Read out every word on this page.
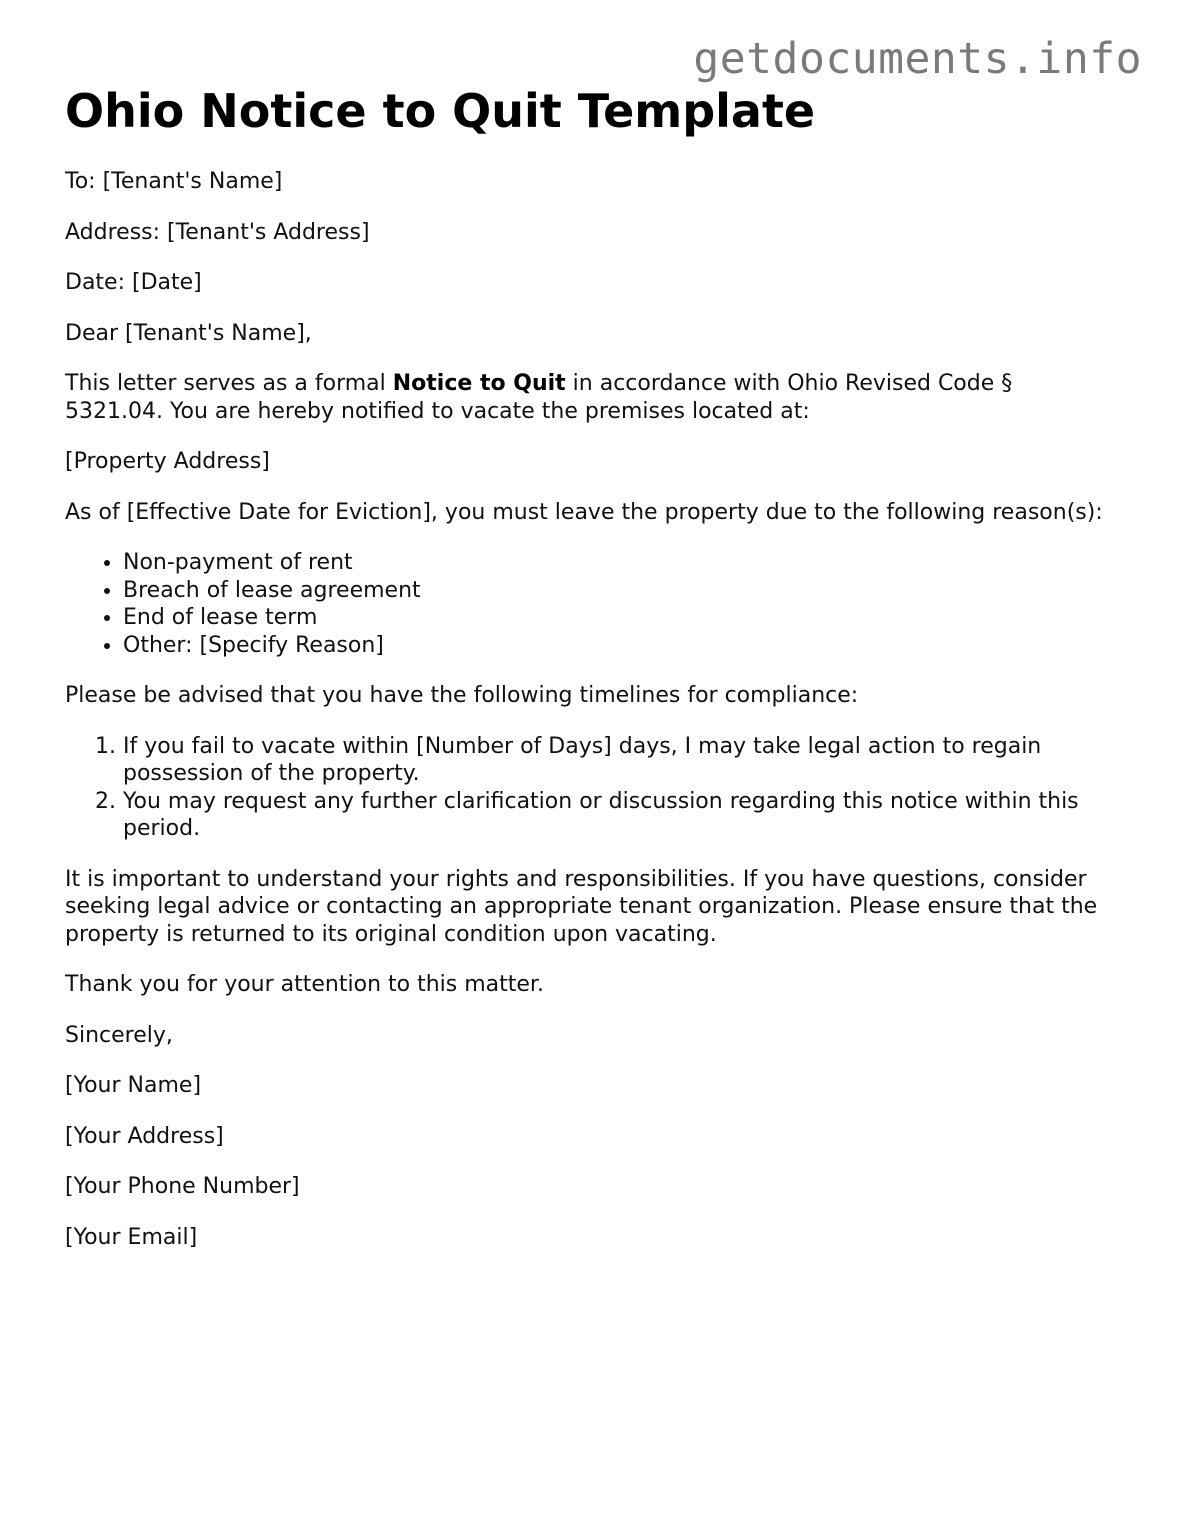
getdocuments.info
Ohio Notice to Quit Template

To: [Tenant's Name]

Address: [Tenant's Address]

Date: [Date]

Dear [Tenant's Name],

This letter serves as a formal Notice to Quit in accordance with Ohio Revised Code § 5321.04. You are hereby notified to vacate the premises located at:

[Property Address]

As of [Effective Date for Eviction], you must leave the property due to the following reason(s):

• Non-payment of rent
• Breach of lease agreement
• End of lease term
• Other: [Specify Reason]

Please be advised that you have the following timelines for compliance:

1. If you fail to vacate within [Number of Days] days, I may take legal action to regain possession of the property.
2. You may request any further clarification or discussion regarding this notice within this period.

It is important to understand your rights and responsibilities. If you have questions, consider seeking legal advice or contacting an appropriate tenant organization. Please ensure that the property is returned to its original condition upon vacating.

Thank you for your attention to this matter.

Sincerely,

[Your Name]

[Your Address]

[Your Phone Number]

[Your Email]
